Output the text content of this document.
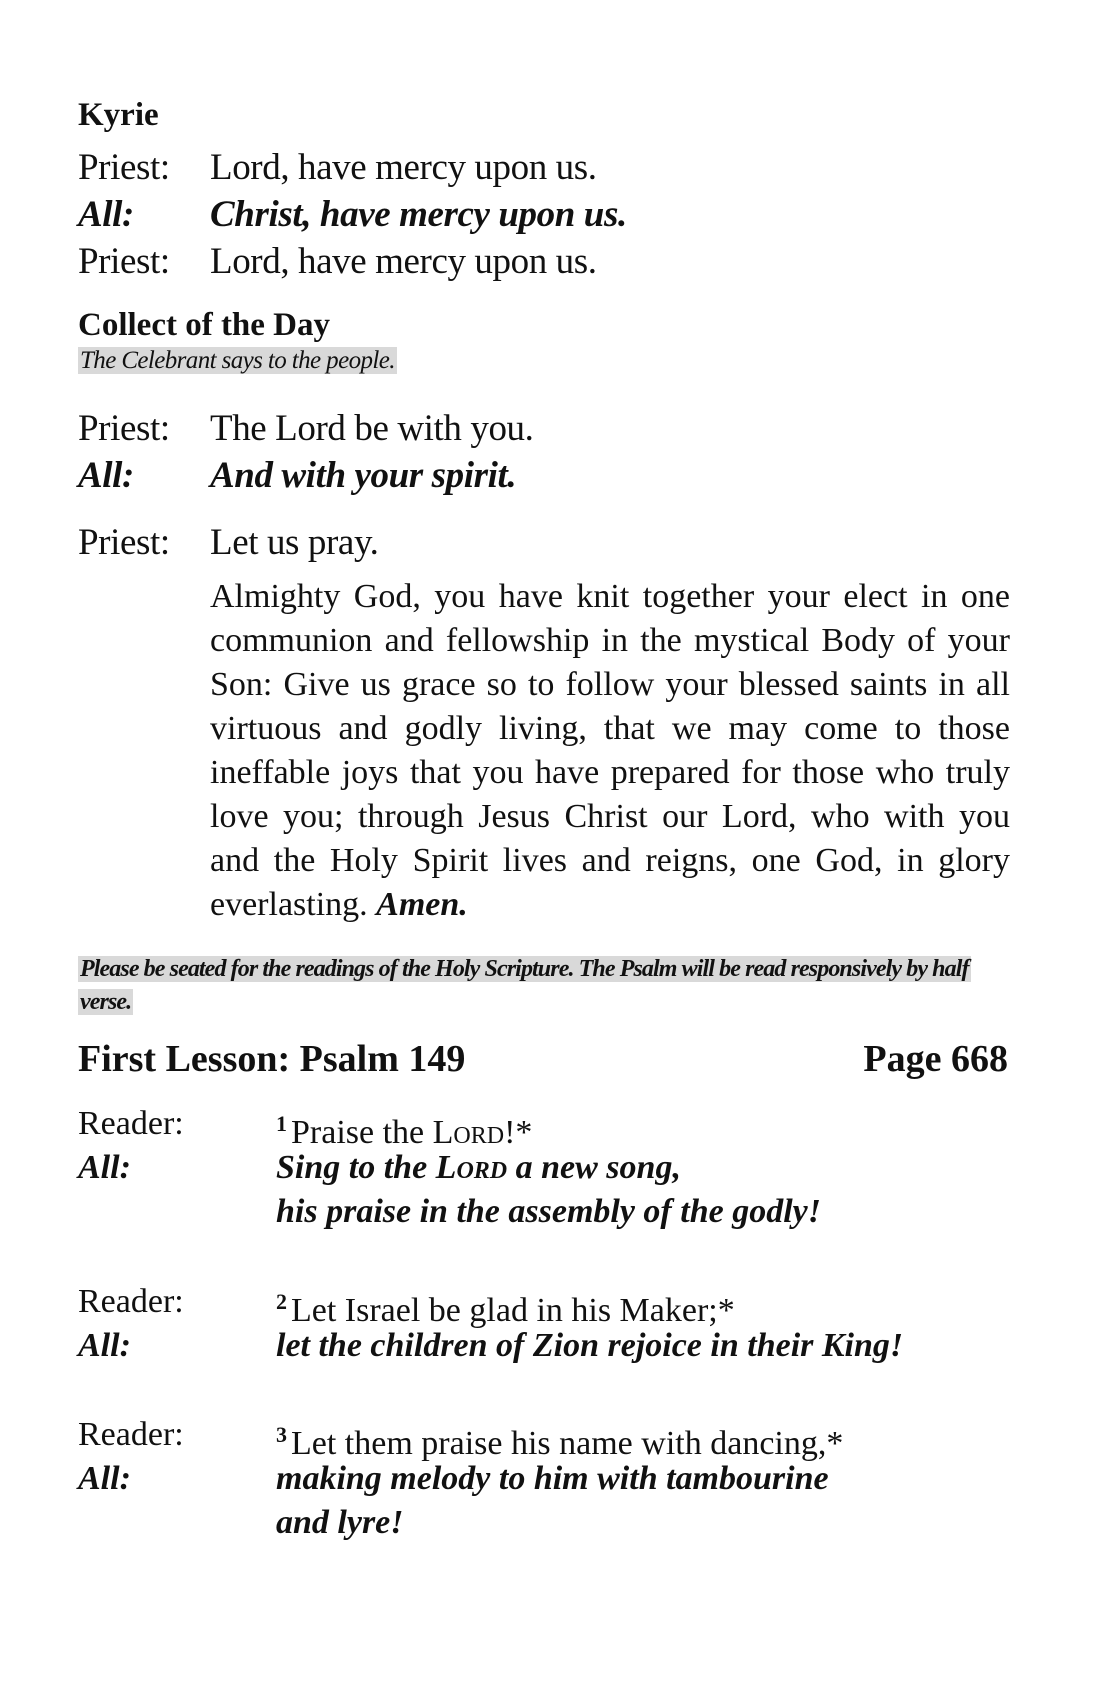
Kyrie
Priest: Lord, have mercy upon us.
All: Christ, have mercy upon us.
Priest: Lord, have mercy upon us.
Collect of the Day

The Celebrant says to the people.

Priest: The Lord be with you.
All: And with your spirit.
Priest: Let us pray.

Almighty God, you have knit together your elect in one communion and fellowship in the mystical Body of your Son: Give us grace so to follow your blessed saints in all virtuous and godly living, that we may come to those ineffable joys that you have prepared for those who truly love you; through Jesus Christ our Lord, who with you and the Holy Spirit lives and reigns, one God, in glory everlasting. Amen.

Please be seated for the readings of the Holy Scripture. The Psalm will be read responsively by half verse.

First Lesson: Psalm 149	Page 668
Reader:	$^1$ Praise the Lord!*
All:	Sing to the Lord a new song,
his praise in the assembly of the godly!
Reader:	$^2$ Let Israel be glad in his Maker;*
All:	let the children of Zion rejoice in their King!
Reader:	$^3$ Let them praise his name with dancing,*
All:	making melody to him with tambourine
and lyre!
